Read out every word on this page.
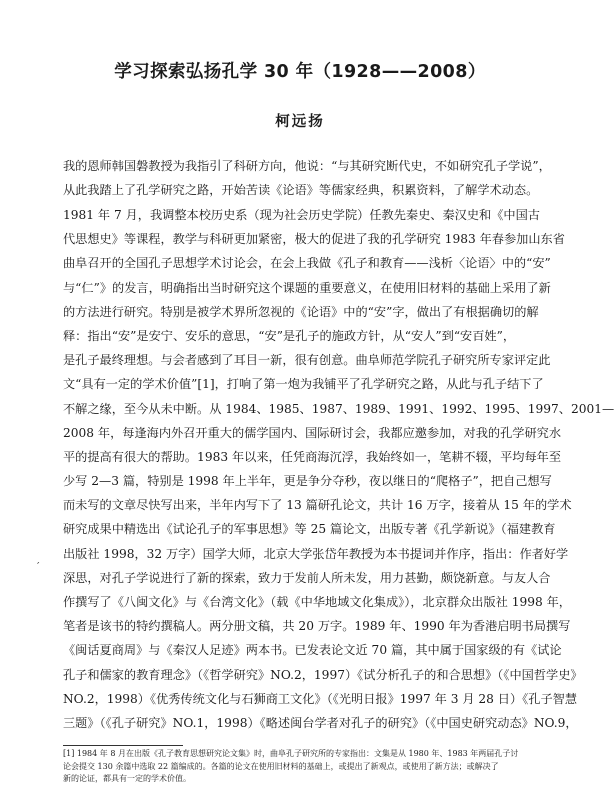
学习探索弘扬孔学 30 年（1928——2008）
柯远扬
我的恩师韩国磐教授为我指引了科研方向，他说：“与其研究断代史，不如研究孔子学说”，
从此我踏上了孔学研究之路，开始苦读《论语》等儒家经典，积累资料，了解学术动态。
1981 年 7 月，我调整本校历史系（现为社会历史学院）任教先秦史、秦汉史和《中国古
代思想史》等课程，教学与科研更加紧密，极大的促进了我的孔学研究 1983 年春参加山东省
曲阜召开的全国孔子思想学术讨论会，在会上我做《孔子和教育——浅析〈论语〉中的“安”
与“仁”》的发言，明确指出当时研究这个课题的重要意义，在使用旧材料的基础上采用了新
的方法进行研究。特别是被学术界所忽视的《论语》中的“安”字，做出了有根据确切的解
释：指出“安”是安宁、安乐的意思，“安”是孔子的施政方针，从“安人”到“安百姓”，
是孔子最终理想。与会者感到了耳目一新，很有创意。曲阜师范学院孔子研究所专家评定此
文“具有一定的学术价值”[1]，打响了第一炮为我铺平了孔学研究之路，从此与孔子结下了
不解之缘，至今从未中断。从 1984、1985、1987、1989、1991、1992、1995、1997、2001—
2008 年，每逢海内外召开重大的儒学国内、国际研讨会，我都应邀参加，对我的孔学研究水
平的提高有很大的帮助。1983 年以来，任凭商海沉浮，我始终如一，笔耕不辍，平均每年至
少写 2—3 篇，特别是 1998 年上半年，更是争分夺秒，夜以继日的“爬格子”，把自己想写
而未写的文章尽快写出来，半年内写下了 13 篇研孔论文，共计 16 万字，接着从 15 年的学术
研究成果中精选出《试论孔子的军事思想》等 25 篇论文，出版专著《孔学新说》（福建教育
出版社 1998，32 万字）国学大师，北京大学张岱年教授为本书提词并作序，指出：作者好学
深思，对孔子学说进行了新的探索，致力于发前人所未发，用力甚勤，颇饶新意。与友人合
作撰写了《八闽文化》与《台湾文化》（载《中华地域文化集成》），北京群众出版社 1998 年，
笔者是该书的特约撰稿人。两分册文稿，共 20 万字。1989 年、1990 年为香港启明书局撰写
《闽话夏商周》与《秦汉人足迹》两本书。已发表论文近 70 篇，其中属于国家级的有《试论
孔子和儒家的教育理念》（《哲学研究》NO.2，1997）《试分析孔子的和合思想》（《中国哲学史》
NO.2，1998）《优秀传统文化与石狮商工文化》（《光明日报》1997 年 3 月 28 日）《孔子智慧
三题》（《孔子研究》NO.1，1998）《略述闽台学者对孔子的研究》（《中国史研究动态》NO.9，
′
[1] 1984 年 8 月在出版《孔子教育思想研究论文集》时，曲阜孔子研究所的专家指出：文集是从 1980 年、1983 年两届孔子讨
论会提交 130 余篇中选取 22 篇编成的。各篇的论文在使用旧材料的基础上，或提出了新观点，或使用了新方法；或解决了
新的论证，都具有一定的学术价值。
